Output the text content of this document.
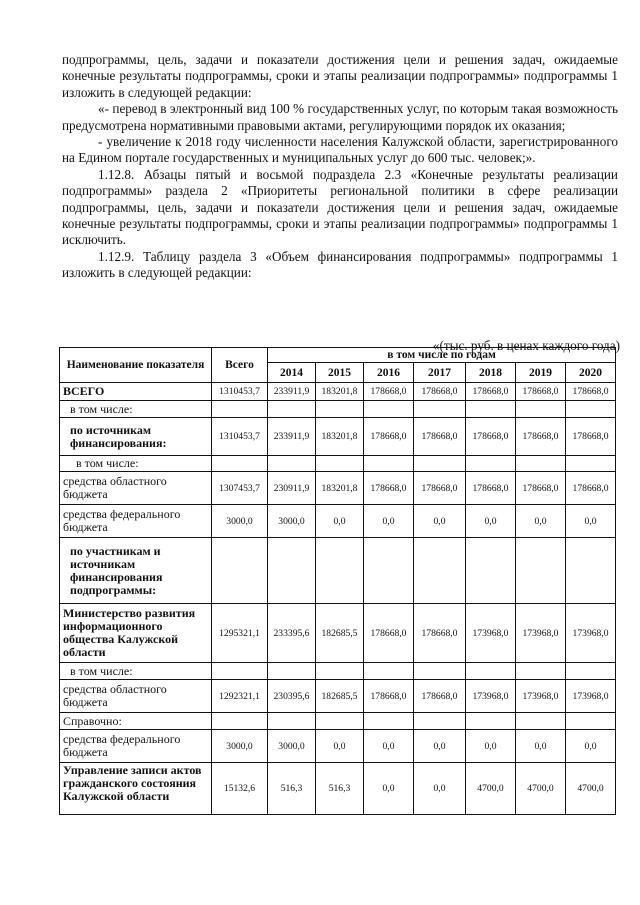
подпрограммы, цель, задачи и показатели достижения цели и решения задач, ожидаемые конечные результаты подпрограммы, сроки и этапы реализации подпрограммы» подпрограммы 1 изложить в следующей редакции:

«- перевод в электронный вид 100 % государственных услуг, по которым такая возможность предусмотрена нормативными правовыми актами, регулирующими порядок их оказания;

- увеличение к 2018 году численности населения Калужской области, зарегистрированного на Едином портале государственных и муниципальных услуг до 600 тыс. человек;».

1.12.8. Абзацы пятый и восьмой подраздела 2.3 «Конечные результаты реализации подпрограммы» раздела 2 «Приоритеты региональной политики в сфере реализации подпрограммы, цель, задачи и показатели достижения цели и решения задач, ожидаемые конечные результаты подпрограммы, сроки и этапы реализации подпрограммы» подпрограммы 1 исключить.

1.12.9. Таблицу раздела 3 «Объем финансирования подпрограммы» подпрограммы 1 изложить в следующей редакции:

«(тыс. руб. в ценах каждого года)
Наименование показателя	Всего	в том числе по годам						
		2014	2015	2016	2017	2018	2019	2020
ВСЕГО	1310453,7	233911,9	183201,8	178668,0	178668,0	178668,0	178668,0	178668,0
в том числе:								
по источникам финансирования:	1310453,7	233911,9	183201,8	178668,0	178668,0	178668,0	178668,0	178668,0
в том числе:								
средства областного бюджета	1307453,7	230911,9	183201,8	178668,0	178668,0	178668,0	178668,0	178668,0
средства федерального бюджета	3000,0	3000,0	0,0	0,0	0,0	0,0	0,0	0,0
по участникам и источникам финансирования подпрограммы:								
Министерство развития информационного общества Калужской области	1295321,1	233395,6	182685,5	178668,0	178668,0	173968,0	173968,0	173968,0
в том числе:								
средства областного бюджета	1292321,1	230395,6	182685,5	178668,0	178668,0	173968,0	173968,0	173968,0
Справочно:								
средства федерального бюджета	3000,0	3000,0	0,0	0,0	0,0	0,0	0,0	0,0
Управление записи актов гражданского состояния Калужской области	15132,6	516,3	516,3	0,0	0,0	4700,0	4700,0	4700,0
